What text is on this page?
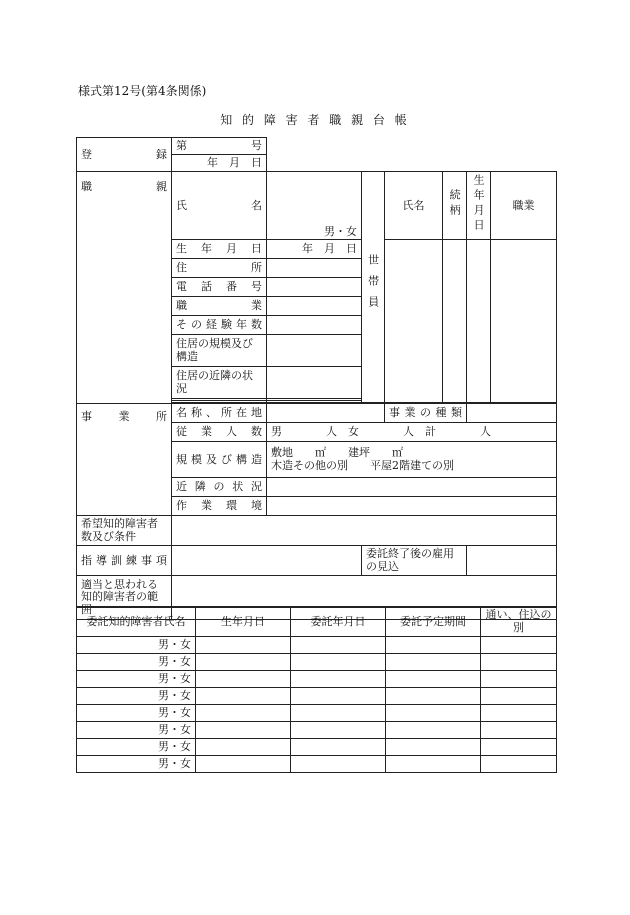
様式第12号(第4条関係)
知 的 障 害 者 職 親 台 帳
登　　　　録	第　　　　号						
	年　月　日						
職　　　　親	氏　　　　　名	男・女	世帯員	氏名	続柄	生年月日	職業
	生年月日	年　月　日					
	住所						
	電話番号						
	職業						
	その経験年数						
	住居の規模及び構造						
	住居の近隣の状況						

事　業　所	名称、所在地			事業の種類			
	従業人数	男　　　　人　女　　　　人　計　　　　人					
	規模及び構造	敷地　　㎡　　建坪　　㎡
木造その他の別　　平屋2階建ての別					

	近隣の状況						
	作業環境						
希望知的障害者数及び条件							
指導訓練事項			委託終了後の雇用の見込				
適当と思われる知的障害者の範囲							
委託知的障害者氏名	生年月日	委託年月日	委託予定期間	通い、住込の別
男・女				
男・女				
男・女				
男・女				
男・女				
男・女				
男・女				
男・女				
